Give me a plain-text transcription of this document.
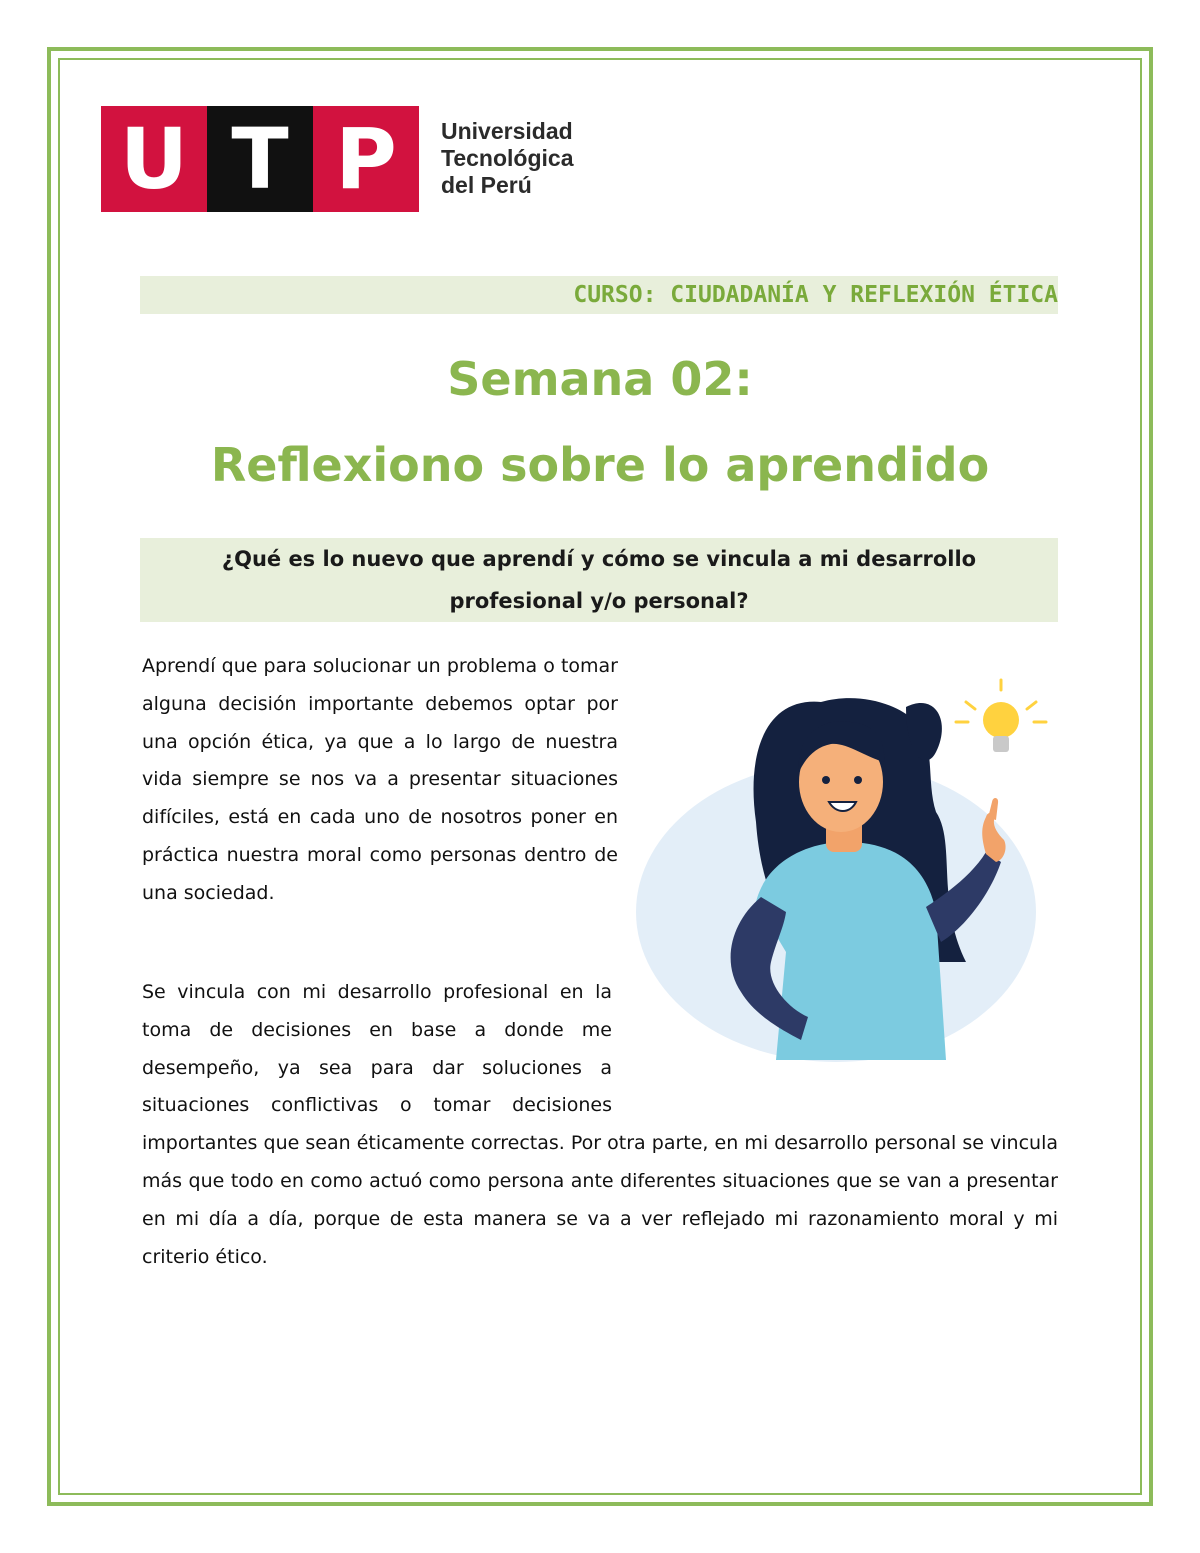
U T P	Universidad
Tecnológica
del Perú
CURSO: CIUDADANÍA Y REFLEXIÓN ÉTICA
Semana 02:
Reflexiono sobre lo aprendido
¿Qué es lo nuevo que aprendí y cómo se vincula a mi desarrollo profesional y/o personal?
Aprendí que para solucionar un problema o tomar alguna decisión importante debemos optar por una opción ética, ya que a lo largo de nuestra vida siempre se nos va a presentar situaciones difíciles, está en cada uno de nosotros poner en práctica nuestra moral como personas dentro de una sociedad.
Se vincula con mi desarrollo profesional en la toma de decisiones en base a donde me desempeño, ya sea para dar soluciones a situaciones conflictivas o tomar decisiones importantes que sean éticamente correctas. Por otra parte, en mi desarrollo personal se vincula más que todo en como actuó como persona ante diferentes situaciones que se van a presentar en mi día a día, porque de esta manera se va a ver reflejado mi razonamiento moral y mi criterio ético.
